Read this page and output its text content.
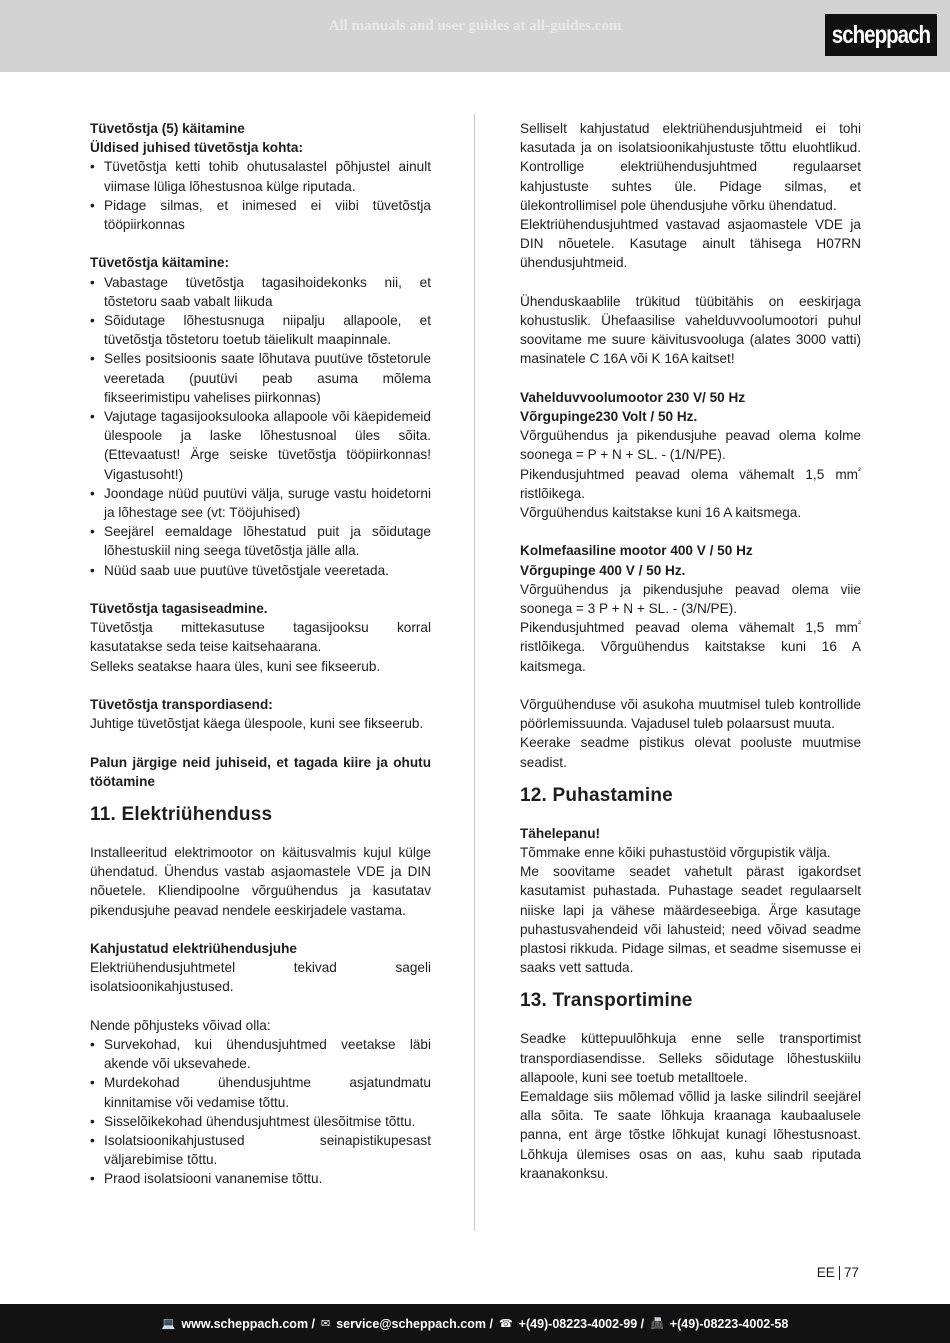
All manuals and user guides at all-guides.com	scheppach

Tüvetõstja (5) käitamine

Üldised juhised tüvetõstja kohta:

• Tüvetõstja ketti tohib ohutusalastel põhjustel ainult viimase lüliga lõhestusnoa külge riputada.
• Pidage silmas, et inimesed ei viibi tüvetõstja tööpiirkonnas

Tüvetõstja käitamine:

• Vabastage tüvetõstja tagasihoidekonks nii, et tõstetoru saab vabalt liikuda
• Sõidutage lõhestusnuga niipalju allapoole, et tüvetõstja tõstetoru toetub täielikult maapinnale.
• Selles positsioonis saate lõhutava puutüve tõstetorule veeretada (puutüvi peab asuma mõlema fikseerimistipu vahelises piirkonnas)
• Vajutage tagasijooksulooka allapoole või käepidemeid ülespoole ja laske lõhestusnoal üles sõita. (Ettevaatust! Ärge seiske tüvetõstja tööpiirkonnas! Vigastusoht!)
• Joondage nüüd puutüvi välja, suruge vastu hoidetorni ja lõhestage see (vt: Tööjuhised)
• Seejärel eemaldage lõhestatud puit ja sõidutage lõhestuskiil ning seega tüvetõstja jälle alla.
• Nüüd saab uue puutüve tüvetõstjale veeretada.

Tüvetõstja tagasiseadmine.

Tüvetõstja mittekasutuse tagasijooksu korral kasutatakse seda teise kaitsehaarana.

Selleks seatakse haara üles, kuni see fikseerub.

Tüvetõstja transpordiasend:

Juhtige tüvetõstjat käega ülespoole, kuni see fikseerub.

Palun järgige neid juhiseid, et tagada kiire ja ohutu töötamine

11. Elektriühenduss

Installeeritud elektrimootor on käitusvalmis kujul külge ühendatud. Ühendus vastab asjaomastele VDE ja DIN nõuetele. Kliendipoolne võrguühendus ja kasutatav pikendusjuhe peavad nendele eeskirjadele vastama.

Kahjustatud elektriühendusjuhe

Elektriühendusjuhtmetel tekivad sageli isolatsioonikahjustused.

Nende põhjusteks võivad olla:

• Survekohad, kui ühendusjuhtmed veetakse läbi akende või uksevahede.
• Murdekohad ühendusjuhtme asjatundmatu kinnitamise või vedamise tõttu.
• Sisselõikekohad ühendusjuhtmest ülesõitmise tõttu.
• Isolatsioonikahjustused seinapistikupesast väljarebimise tõttu.
• Praod isolatsiooni vananemise tõttu.

Selliselt kahjustatud elektriühendusjuhtmeid ei tohi kasutada ja on isolatsioonikahjustuste tõttu eluohtlikud. Kontrollige elektriühendusjuhtmed regulaarset kahjustuste suhtes üle. Pidage silmas, et ülekontrollimisel pole ühendusjuhe võrku ühendatud.

Elektriühendusjuhtmed vastavad asjaomastele VDE ja DIN nõuetele. Kasutage ainult tähisega H07RN ühendusjuhtmeid.

Ühenduskaablile trükitud tüübitähis on eeskirjaga kohustuslik. Ühefaasilise vahelduvvoolumootori puhul soovitame me suure käivitusvooluga (alates 3000 vatti) masinatele C 16A või K 16A kaitset!

Vahelduvvoolumootor 230 V/ 50 Hz

Võrgupinge230 Volt / 50 Hz.

Võrguühendus ja pikendusjuhe peavad olema kolme soonega = P + N + SL. - (1/N/PE).

Pikendusjuhtmed peavad olema vähemalt 1,5 $mm^{^2}$ ristlõikega.

Võrguühendus kaitstakse kuni 16 A kaitsmega.

Kolmefaasiline mootor 400 V / 50 Hz

Võrgupinge 400 V / 50 Hz.

Võrguühendus ja pikendusjuhe peavad olema viie soonega = 3 P + N + SL. - (3/N/PE).

Pikendusjuhtmed peavad olema vähemalt 1,5 $mm^{^2}$ ristlõikega. Võrguühendus kaitstakse kuni 16 A kaitsmega.

Võrguühenduse või asukoha muutmisel tuleb kontrollide pöörlemissuunda. Vajadusel tuleb polaarsust muuta.

Keerake seadme pistikus olevat pooluste muutmise seadist.

12. Puhastamine

Tähelepanu!

Tõmmake enne kõiki puhastustöid võrgupistik välja.

Me soovitame seadet vahetult pärast igakordset kasutamist puhastada. Puhastage seadet regulaarselt niiske lapi ja vähese määrdeseebiga. Ärge kasutage puhastusvahendeid või lahusteid; need võivad seadme plastosi rikkuda. Pidage silmas, et seadme sisemusse ei saaks vett sattuda.

13. Transportimine

Seadke küttepuulõhkuja enne selle transportimist transpordiasendisse. Selleks sõidutage lõhestuskiilu allapoole, kuni see toetub metalltoele.

Eemaldage siis mõlemad võllid ja laske silindril seejärel alla sõita. Te saate lõhkuja kraanaga kaubaalusele panna, ent ärge tõstke lõhkujat kunagi lõhestusnoast. Lõhkuja ülemises osas on aas, kuhu saab riputada kraanakonksu.

EE 77
💻 www.scheppach.com / ✉ service@scheppach.com / ☎ +(49)-08223-4002-99 / 📠 +(49)-08223-4002-58
